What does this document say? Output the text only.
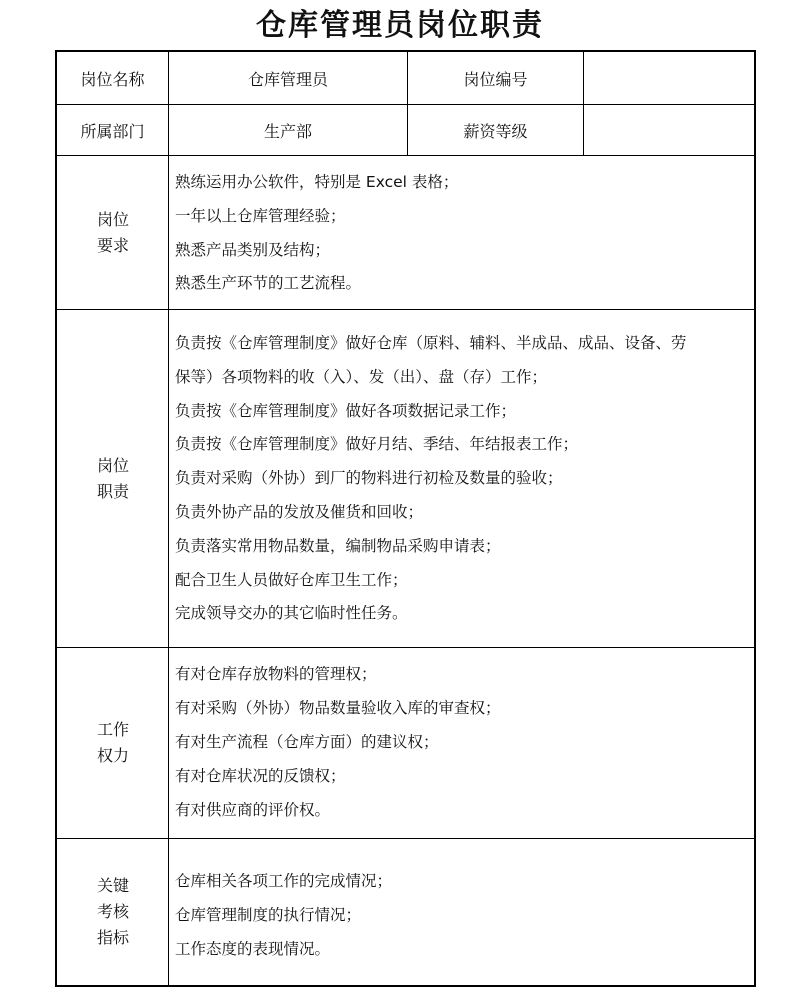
仓库管理员岗位职责
岗位名称	仓库管理员	岗位编号
所属部门	生产部	薪资等级
岗位
要求

熟练运用办公软件，特别是 Excel 表格；

一年以上仓库管理经验；

熟悉产品类别及结构；

熟悉生产环节的工艺流程。

岗位
职责

负责按《仓库管理制度》做好仓库（原料、辅料、半成品、成品、设备、劳

保等）各项物料的收（入）、发（出）、盘（存）工作；

负责按《仓库管理制度》做好各项数据记录工作；

负责按《仓库管理制度》做好月结、季结、年结报表工作；

负责对采购（外协）到厂的物料进行初检及数量的验收；

负责外协产品的发放及催货和回收；

负责落实常用物品数量，编制物品采购申请表；

配合卫生人员做好仓库卫生工作；

完成领导交办的其它临时性任务。

工作
权力

有对仓库存放物料的管理权；

有对采购（外协）物品数量验收入库的审查权；

有对生产流程（仓库方面）的建议权；

有对仓库状况的反馈权；

有对供应商的评价权。

关键
考核
指标

仓库相关各项工作的完成情况；

仓库管理制度的执行情况；

工作态度的表现情况。
